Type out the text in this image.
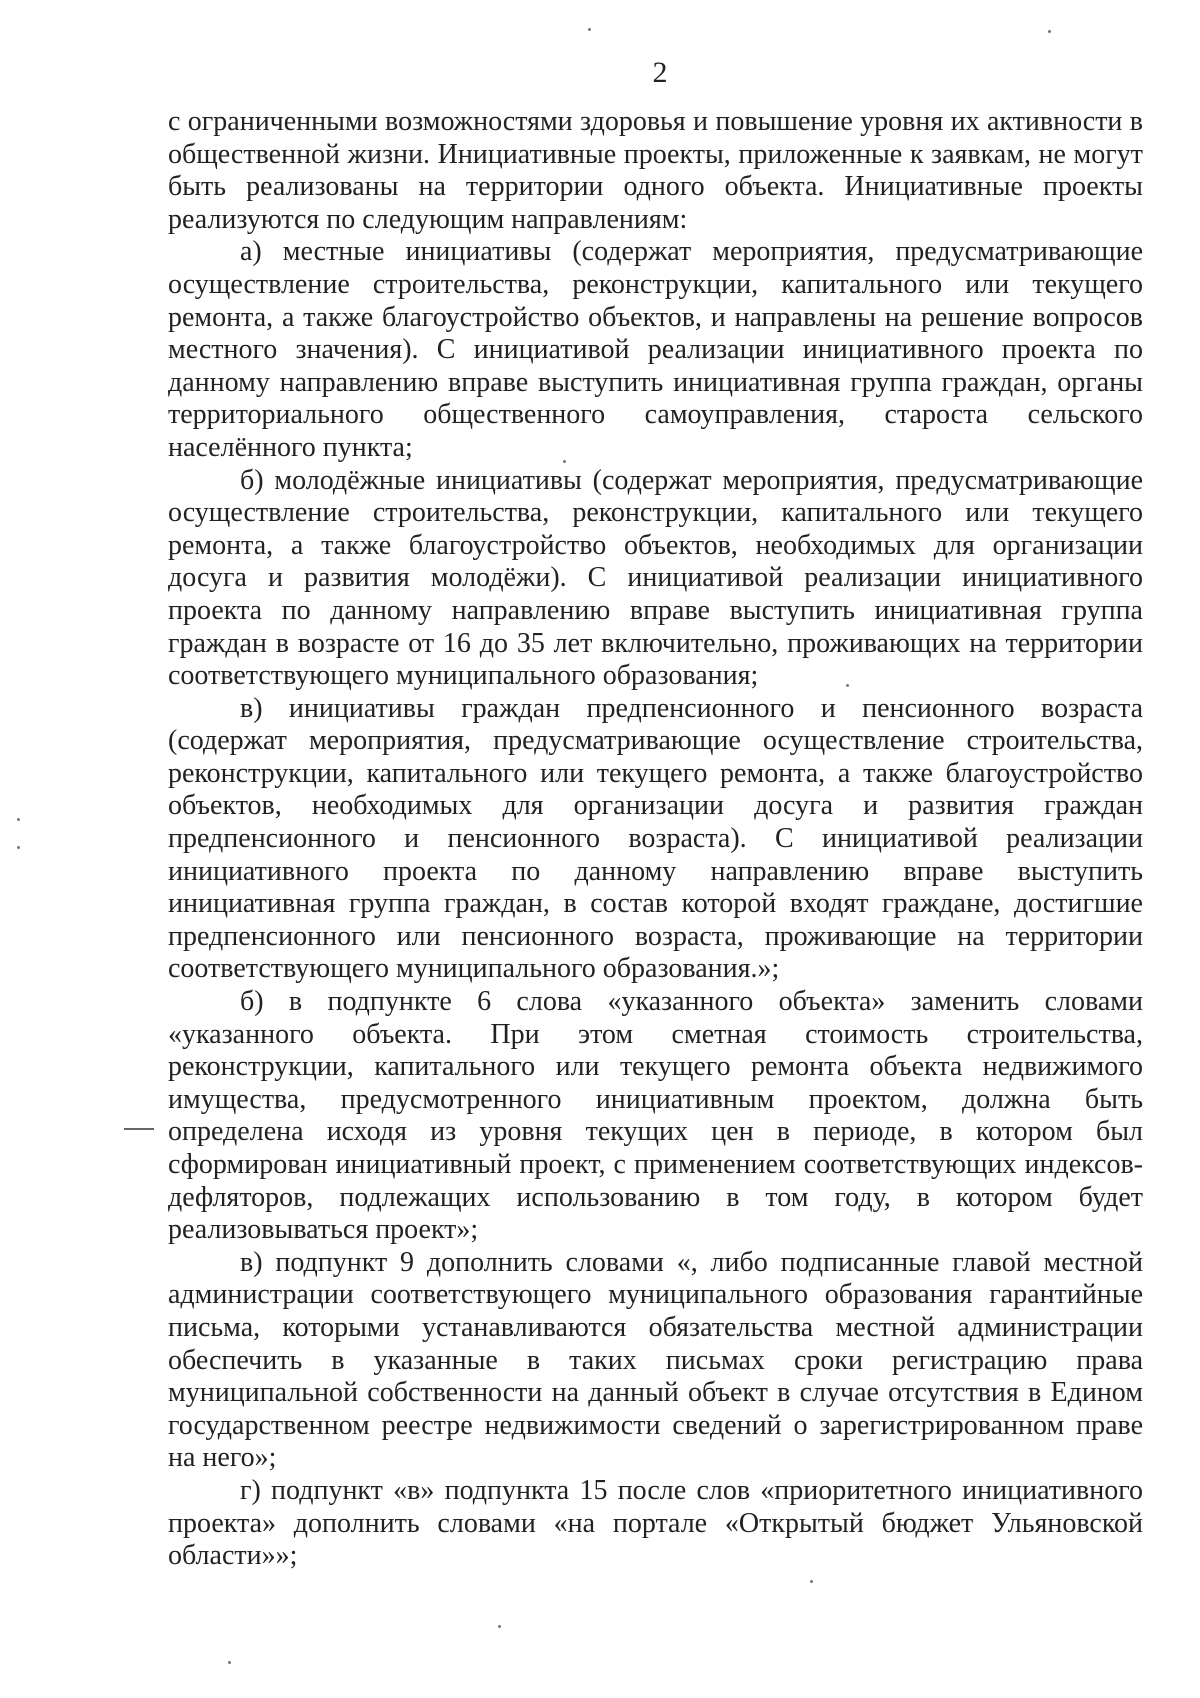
2

с ограниченными возможностями здоровья и повышение уровня их активности в общественной жизни. Инициативные проекты, приложенные к заявкам, не могут быть реализованы на территории одного объекта. Инициативные проекты реализуются по следующим направлениям:

а) местные инициативы (содержат мероприятия, предусматривающие осуществление строительства, реконструкции, капитального или текущего ремонта, а также благоустройство объектов, и направлены на решение вопросов местного значения). С инициативой реализации инициативного проекта по данному направлению вправе выступить инициативная группа граждан, органы территориального общественного самоуправления, староста сельского населённого пункта;

б) молодёжные инициативы (содержат мероприятия, предусматривающие осуществление строительства, реконструкции, капитального или текущего ремонта, а также благоустройство объектов, необходимых для организации досуга и развития молодёжи). С инициативой реализации инициативного проекта по данному направлению вправе выступить инициативная группа граждан в возрасте от 16 до 35 лет включительно, проживающих на территории соответствующего муниципального образования;

в) инициативы граждан предпенсионного и пенсионного возраста (содержат мероприятия, предусматривающие осуществление строительства, реконструкции, капитального или текущего ремонта, а также благоустройство объектов, необходимых для организации досуга и развития граждан предпенсионного и пенсионного возраста). С инициативой реализации инициативного проекта по данному направлению вправе выступить инициативная группа граждан, в состав которой входят граждане, достигшие предпенсионного или пенсионного возраста, проживающие на территории соответствующего муниципального образования.»;

б) в подпункте 6 слова «указанного объекта» заменить словами «указанного объекта. При этом сметная стоимость строительства, реконструкции, капитального или текущего ремонта объекта недвижимого имущества, предусмотренного инициативным проектом, должна быть определена исходя из уровня текущих цен в периоде, в котором был сформирован инициативный проект, с применением соответствующих индексов-дефляторов, подлежащих использованию в том году, в котором будет реализовываться проект»;

в) подпункт 9 дополнить словами «, либо подписанные главой местной администрации соответствующего муниципального образования гарантийные письма, которыми устанавливаются обязательства местной администрации обеспечить в указанные в таких письмах сроки регистрацию права муниципальной собственности на данный объект в случае отсутствия в Едином государственном реестре недвижимости сведений о зарегистрированном праве на него»;

г) подпункт «в» подпункта 15 после слов «приоритетного инициативного проекта» дополнить словами «на портале «Открытый бюджет Ульяновской области»»;
